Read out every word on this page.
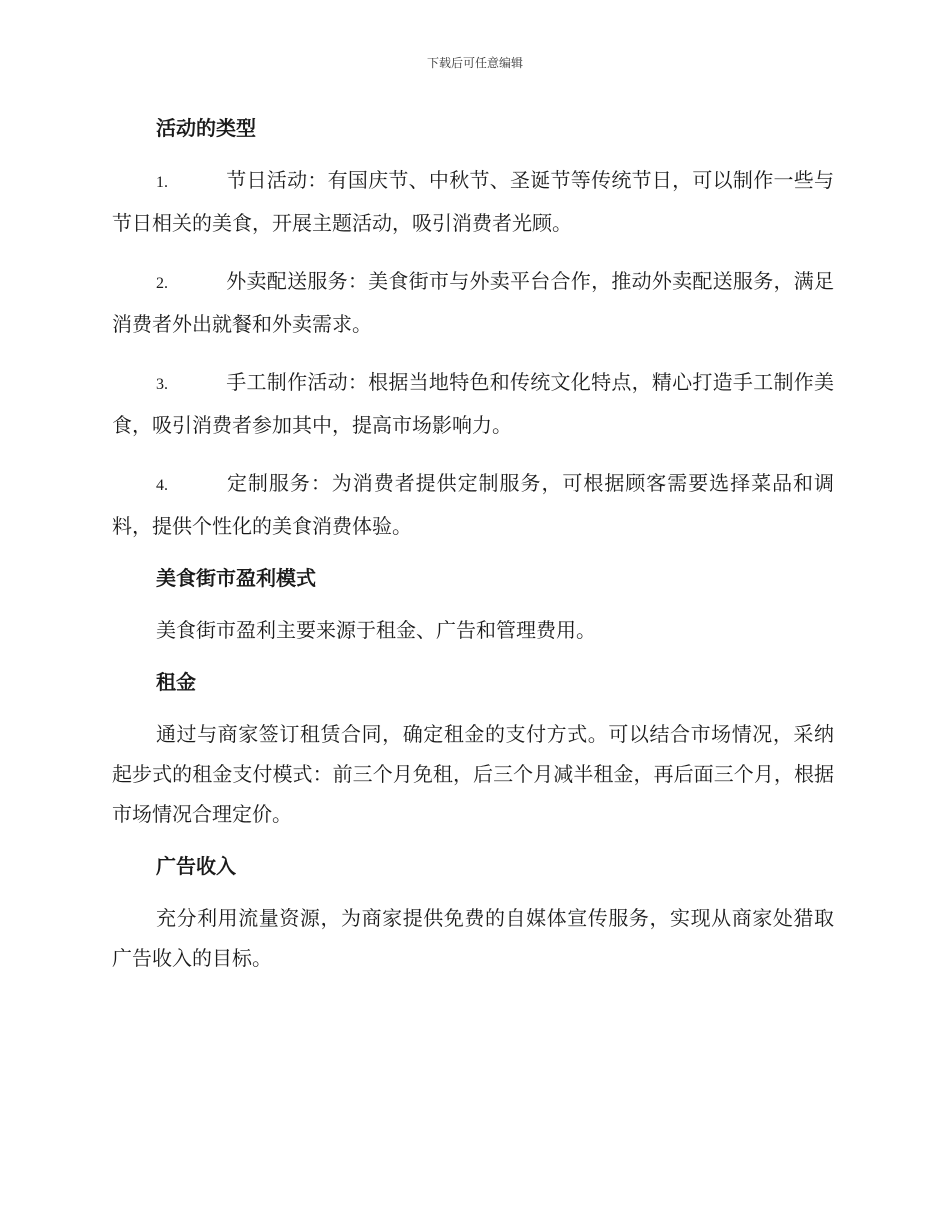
下载后可任意编辑
活动的类型

1.	节日活动：有国庆节、中秋节、圣诞节等传统节日，可以制作一些与节日相关的美食，开展主题活动，吸引消费者光顾。

2.	外卖配送服务：美食街市与外卖平台合作，推动外卖配送服务，满足消费者外出就餐和外卖需求。

3.	手工制作活动：根据当地特色和传统文化特点，精心打造手工制作美食，吸引消费者参加其中，提高市场影响力。

4.	定制服务：为消费者提供定制服务，可根据顾客需要选择菜品和调料，提供个性化的美食消费体验。

美食街市盈利模式

美食街市盈利主要来源于租金、广告和管理费用。

租金

通过与商家签订租赁合同，确定租金的支付方式。可以结合市场情况，采纳起步式的租金支付模式：前三个月免租，后三个月减半租金，再后面三个月，根据市场情况合理定价。

广告收入

充分利用流量资源，为商家提供免费的自媒体宣传服务，实现从商家处猎取广告收入的目标。
